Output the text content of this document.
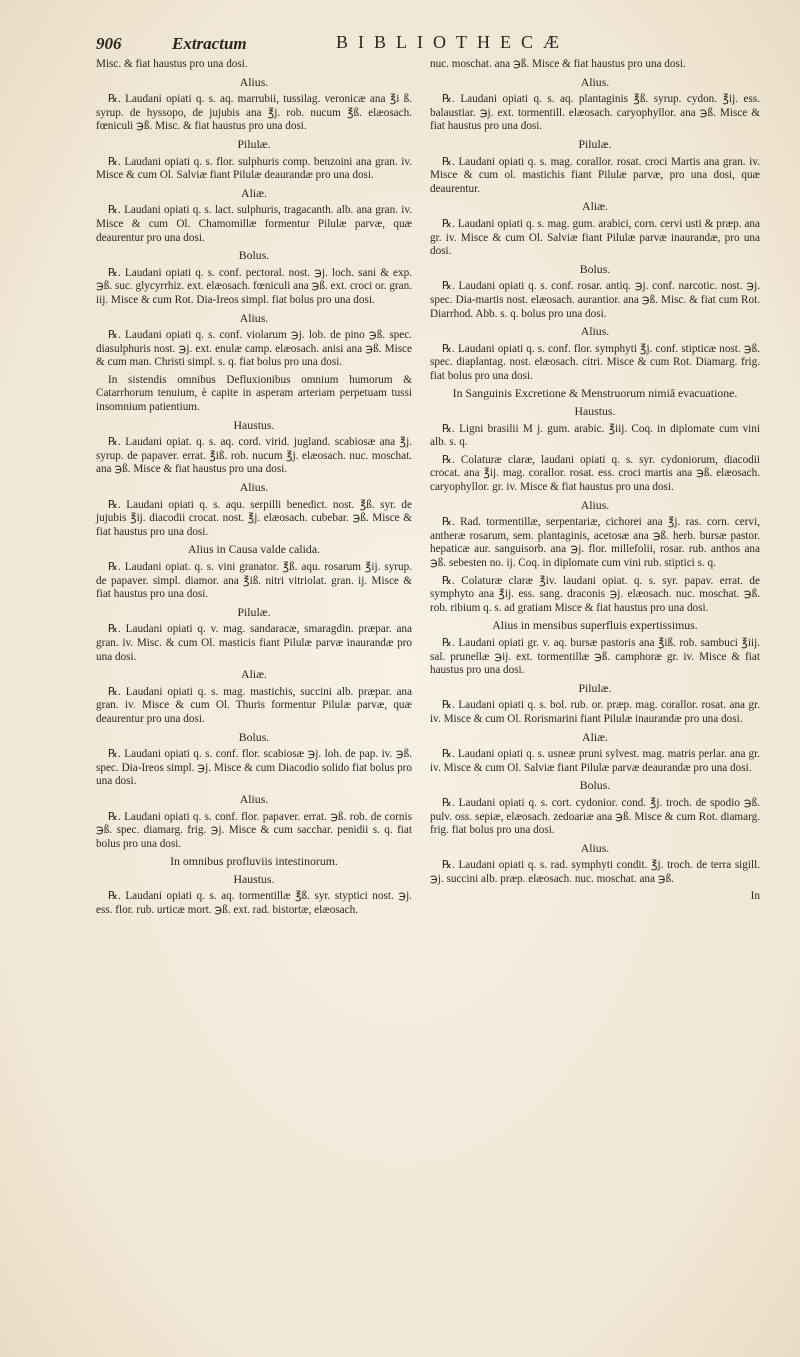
906	Extractum	BIBLIOTHECÆ

Misc. & fiat haustus pro una dosi.

Alius.

℞. Laudani opiati q. s. aq. marrubii, tussilag. veronicæ ana ℥i ß. syrup. de hyssopo, de jujubis ana ℥j. rob. nucum ℥ß. elæosach. fœniculi ℈ß. Misc. & fiat haustus pro una dosi.

Pilulæ.

℞. Laudani opiati q. s. flor. sulphuris comp. benzoini ana gran. iv. Misce & cum Ol. Salviæ fiant Pilulæ deaurandæ pro una dosi.

Aliæ.

℞. Laudani opiati q. s. lact. sulphuris, tragacanth. alb. ana gran. iv. Misce & cum Ol. Chamomillæ formentur Pilulæ parvæ, quæ deaurentur pro una dosi.

Bolus.

℞. Laudani opiati q. s. conf. pectoral. nost. ℈j. loch. sani & exp. ℈ß. suc. glycyrrhiz. ext. elæosach. fœniculi ana ℈ß. ext. croci or. gran. iij. Misce & cum Rot. Dia-Ireos simpl. fiat bolus pro una dosi.

Alius.

℞. Laudani opiati q. s. conf. violarum ℈j. lob. de pino ℈ß. spec. diasulphuris nost. ℈j. ext. enulæ camp. elæosach. anisi ana ℈ß. Misce & cum man. Christi simpl. s. q. fiat bolus pro una dosi.

In sistendis omnibus Defluxionibus omnium humorum & Catarrhorum tenuium, è capite in asperam arteriam perpetuam tussi insomnium patientium.

Haustus.

℞. Laudani opiat. q. s. aq. cord. virid. jugland. scabiosæ ana ℥j. syrup. de papaver. errat. ℥iß. rob. nucum ℥j. elæosach. nuc. moschat. ana ℈ß. Misce & fiat haustus pro una dosi.

Alius.

℞. Laudani opiati q. s. aqu. serpilli benedict. nost. ℥ß. syr. de jujubis ℥ij. diacodii crocat. nost. ℥j. elæosach. cubebar. ℈ß. Misce & fiat haustus pro una dosi.

Alius in Causa valde calida.

℞. Laudani opiat. q. s. vini granator. ℥ß. aqu. rosarum ℥ij. syrup. de papaver. simpl. diamor. ana ℥iß. nitri vitriolat. gran. ij. Misce & fiat haustus pro una dosi.

Pilulæ.

℞. Laudani opiati q. v. mag. sandaracæ, smaragdin. præpar. ana gran. iv. Misc. & cum Ol. masticis fiant Pilulæ parvæ inaurandæ pro una dosi.

Aliæ.

℞. Laudani opiati q. s. mag. mastichis, succini alb. præpar. ana gran. iv. Misce & cum Ol. Thuris formentur Pilulæ parvæ, quæ deaurentur pro una dosi.

Bolus.

℞. Laudani opiati q. s. conf. flor. scabiosæ ℈j. loh. de pap. iv. ℈ß. spec. Dia-Ireos simpl. ℈j. Misce & cum Diacodio solido fiat bolus pro una dosi.

Alius.

℞. Laudani opiati q. s. conf. flor. papaver. errat. ℈ß. rob. de cornis ℈ß. spec. diamarg. frig. ℈j. Misce & cum sacchar. penidii s. q. fiat bolus pro una dosi.

In omnibus profluviis intestinorum.
Haustus.

℞. Laudani opiati q. s. aq. tormentillæ ℥ß. syr. styptici nost. ℈j. ess. flor. rub. urticæ mort. ℈ß. ext. rad. bistortæ, elæosach.

nuc. moschat. ana ℈ß. Misce & fiat haustus pro una dosi.

Alius.

℞. Laudani opiati q. s. aq. plantaginis ℥ß. syrup. cydon. ℥ij. ess. balaustiar. ℈j. ext. tormentill. elæosach. caryophyllor. ana ℈ß. Misce & fiat haustus pro una dosi.

Pilulæ.

℞. Laudani opiati q. s. mag. corallor. rosat. croci Martis ana gran. iv. Misce & cum ol. mastichis fiant Pilulæ parvæ, pro una dosi, quæ deaurentur.

Aliæ.

℞. Laudani opiati q. s. mag. gum. arabici, corn. cervi usti & præp. ana gr. iv. Misce & cum Ol. Salviæ fiant Pilulæ parvæ inaurandæ, pro una dosi.

Bolus.

℞. Laudani opiati q. s. conf. rosar. antiq. ℈j. conf. narcotic. nost. ℈j. spec. Dia-martis nost. elæosach. aurantior. ana ℈ß. Misc. & fiat cum Rot. Diarrhod. Abb. s. q. bolus pro una dosi.

Alius.

℞. Laudani opiati q. s. conf. flor. symphyti ℥j. conf. stipticæ nost. ℈ß. spec. diaplantag. nost. elæosach. citri. Misce & cum Rot. Diamarg. frig. fiat bolus pro una dosi.

In Sanguinis Excretione & Menstruorum nimiâ evacuatione.
Haustus.

℞. Ligni brasilii M j. gum. arabic. ℥iij. Coq. in diplomate cum vini alb. s. q.

℞. Colaturæ claræ, laudani opiati q. s. syr. cydoniorum, diacodii crocat. ana ℥ij. mag. corallor. rosat. ess. croci martis ana ℈ß. elæosach. caryophyllor. gr. iv. Misce & fiat haustus pro una dosi.

Alius.

℞. Rad. tormentillæ, serpentariæ, cichorei ana ℥j. ras. corn. cervi, antheræ rosarum, sem. plantaginis, acetosæ ana ℈ß. herb. bursæ pastor. hepaticæ aur. sanguisorb. ana ℈j. flor. millefolii, rosar. rub. anthos ana ℈ß. sebesten no. ij. Coq. in diplomate cum vini rub. stiptici s. q.

℞. Colaturæ claræ ℥iv. laudani opiat. q. s. syr. papav. errat. de symphyto ana ℥ij. ess. sang. draconis ℈j. elæosach. nuc. moschat. ℈ß. rob. ribium q. s. ad gratiam Misce & fiat haustus pro una dosi.

Alius in mensibus superfluis expertissimus.

℞. Laudani opiati gr. v. aq. bursæ pastoris ana ℥iß. rob. sambuci ℥iij. sal. prunellæ ℈ij. ext. tormentillæ ℈ß. camphoræ gr. iv. Misce & fiat haustus pro una dosi.

Pilulæ.

℞. Laudani opiati q. s. bol. rub. or. præp. mag. corallor. rosat. ana gr. iv. Misce & cum Ol. Rorismarini fiant Pilulæ inaurandæ pro una dosi.

Aliæ.

℞. Laudani opiati q. s. usneæ pruni sylvest. mag. matris perlar. ana gr. iv. Misce & cum Ol. Salviæ fiant Pilulæ parvæ deaurandæ pro una dosi.

Bolus.

℞. Laudani opiati q. s. cort. cydonior. cond. ℥j. troch. de spodio ℈ß. pulv. oss. sepiæ, elæosach. zedoariæ ana ℈ß. Misce & cum Rot. diamarg. frig. fiat bolus pro una dosi.

Alius.

℞. Laudani opiati q. s. rad. symphyti condit. ℥j. troch. de terra sigill. ℈j. succini alb. præp. elæosach. nuc. moschat. ana ℈ß.

In
